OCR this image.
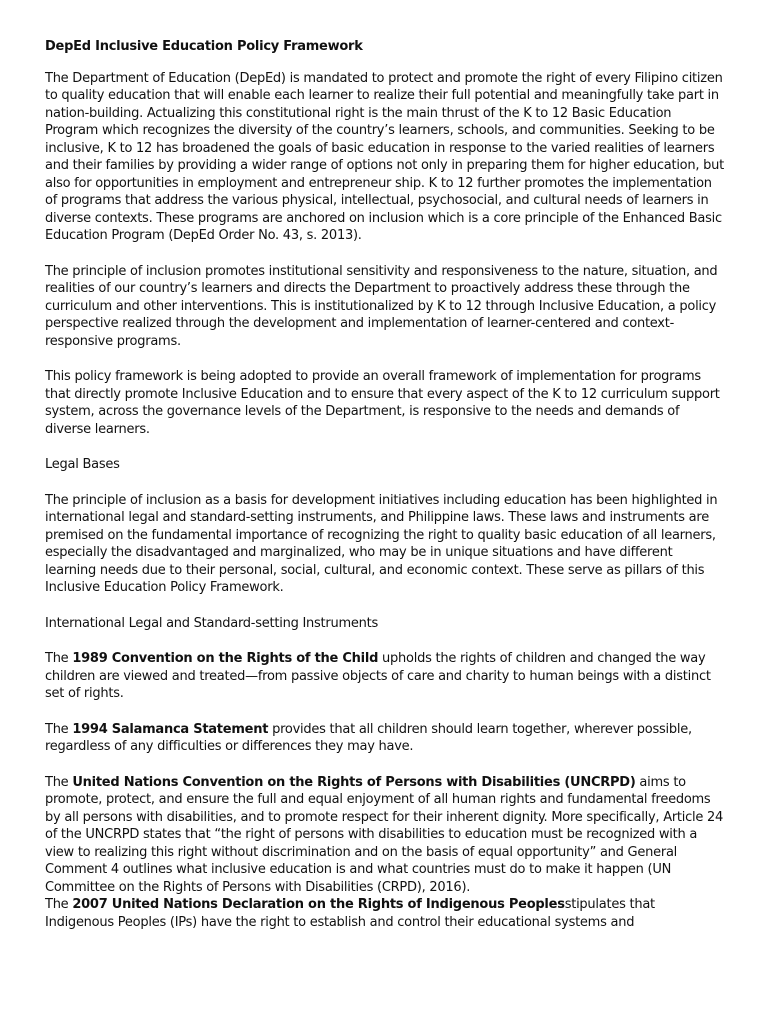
DepEd Inclusive Education Policy Framework

The Department of Education (DepEd) is mandated to protect and promote the right of every Filipino citizen to quality education that will enable each learner to realize their full potential and meaningfully take part in nation-building. Actualizing this constitutional right is the main thrust of the K to 12 Basic Education Program which recognizes the diversity of the country’s learners, schools, and communities. Seeking to be inclusive, K to 12 has broadened the goals of basic education in response to the varied realities of learners and their families by providing a wider range of options not only in preparing them for higher education, but also for opportunities in employment and entrepreneur ship. K to 12 further promotes the implementation of programs that address the various physical, intellectual, psychosocial, and cultural needs of learners in diverse contexts. These programs are anchored on inclusion which is a core principle of the Enhanced Basic Education Program (DepEd Order No. 43, s. 2013).

The principle of inclusion promotes institutional sensitivity and responsiveness to the nature, situation, and realities of our country’s learners and directs the Department to proactively address these through the curriculum and other interventions. This is institutionalized by K to 12 through Inclusive Education, a policy perspective realized through the development and implementation of learner-centered and context-responsive programs.

This policy framework is being adopted to provide an overall framework of implementation for programs that directly promote Inclusive Education and to ensure that every aspect of the K to 12 curriculum support system, across the governance levels of the Department, is responsive to the needs and demands of diverse learners.

Legal Bases

The principle of inclusion as a basis for development initiatives including education has been highlighted in international legal and standard-setting instruments, and Philippine laws. These laws and instruments are premised on the fundamental importance of recognizing the right to quality basic education of all learners, especially the disadvantaged and marginalized, who may be in unique situations and have different learning needs due to their personal, social, cultural, and economic context. These serve as pillars of this Inclusive Education Policy Framework.

International Legal and Standard-setting Instruments

The 1989 Convention on the Rights of the Child upholds the rights of children and changed the way children are viewed and treated—from passive objects of care and charity to human beings with a distinct set of rights.

The 1994 Salamanca Statement provides that all children should learn together, wherever possible, regardless of any difficulties or differences they may have.

The United Nations Convention on the Rights of Persons with Disabilities (UNCRPD) aims to promote, protect, and ensure the full and equal enjoyment of all human rights and fundamental freedoms by all persons with disabilities, and to promote respect for their inherent dignity. More specifically, Article 24 of the UNCRPD states that “the right of persons with disabilities to education must be recognized with a view to realizing this right without discrimination and on the basis of equal opportunity” and General Comment 4 outlines what inclusive education is and what countries must do to make it happen (UN Committee on the Rights of Persons with Disabilities (CRPD), 2016).

The 2007 United Nations Declaration on the Rights of Indigenous Peoplesstipulates that Indigenous Peoples (IPs) have the right to establish and control their educational systems and
